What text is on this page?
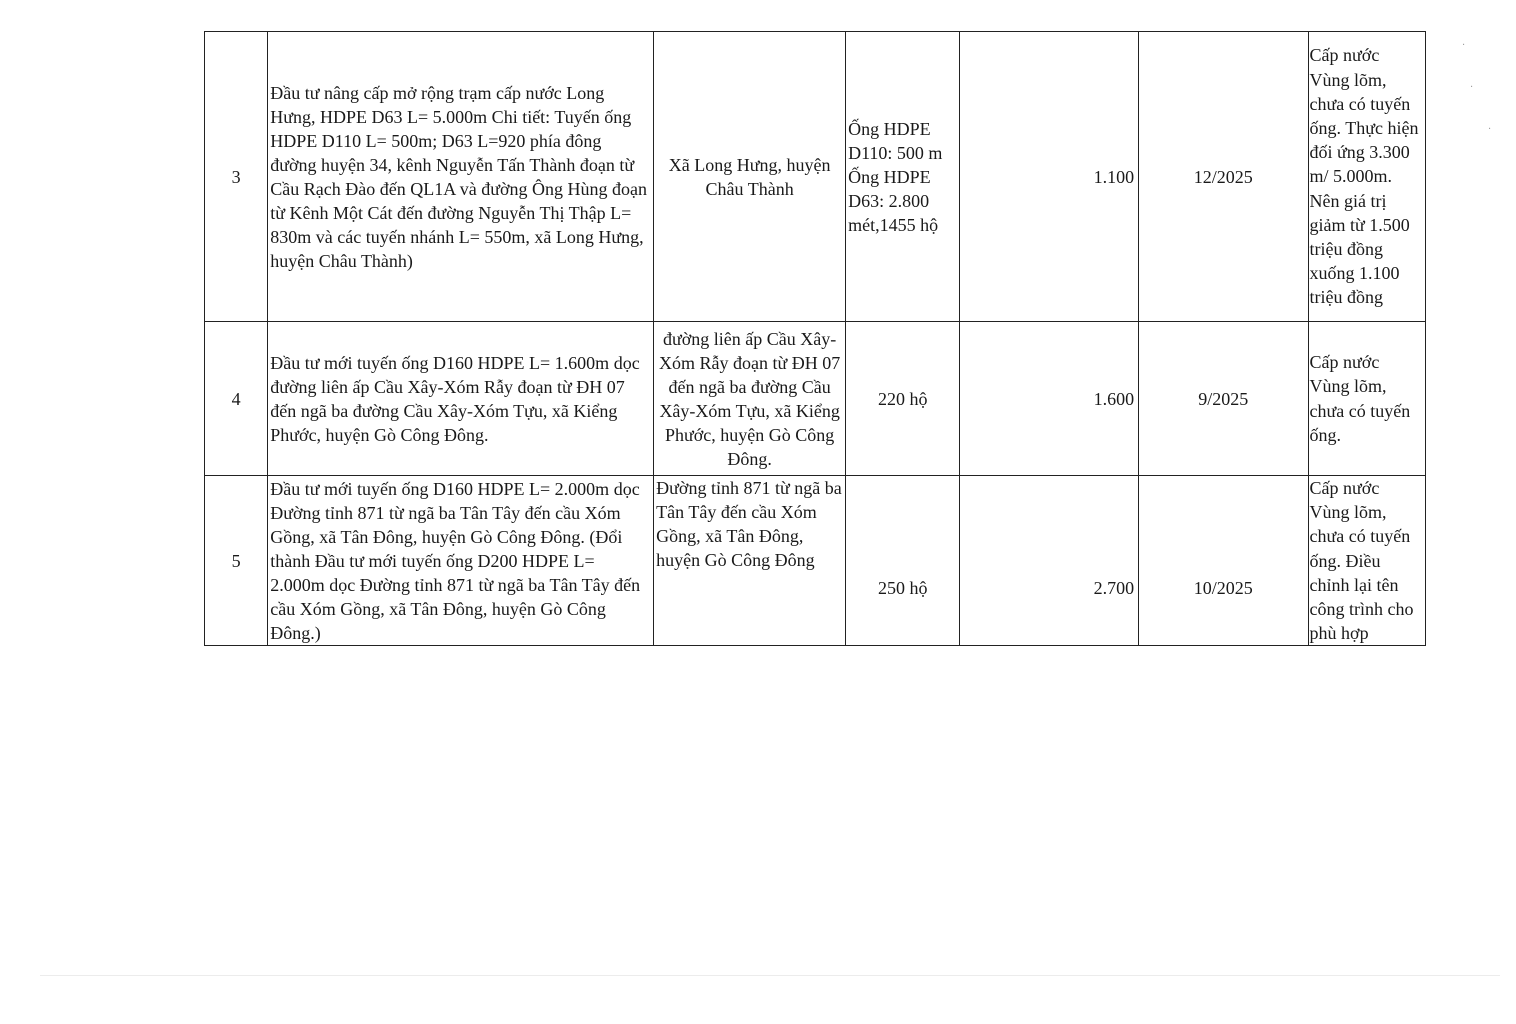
3	Đầu tư nâng cấp mở rộng trạm cấp nước Long Hưng, HDPE D63 L= 5.000m Chi tiết: Tuyến ống HDPE D110 L= 500m; D63 L=920 phía đông đường huyện 34, kênh Nguyễn Tấn Thành đoạn từ Cầu Rạch Đào đến QL1A và đường Ông Hùng đoạn từ Kênh Một Cát đến đường Nguyễn Thị Thập L= 830m và các tuyến nhánh L= 550m, xã Long Hưng, huyện Châu Thành)	Xã Long Hưng, huyện Châu Thành	Ống HDPE D110: 500 m Ống HDPE D63: 2.800 mét,1455 hộ	1.100	12/2025	Cấp nước Vùng lõm, chưa có tuyến ống. Thực hiện đối ứng 3.300 m/ 5.000m. Nên giá trị giảm từ 1.500 triệu đồng xuống 1.100 triệu đồng
4	Đầu tư mới tuyến ống D160 HDPE L= 1.600m dọc đường liên ấp Cầu Xây-Xóm Rẫy đoạn từ ĐH 07 đến ngã ba đường Cầu Xây-Xóm Tựu, xã Kiểng Phước, huyện Gò Công Đông.	đường liên ấp Cầu Xây- Xóm Rẫy đoạn từ ĐH 07 đến ngã ba đường Cầu Xây-Xóm Tựu, xã Kiểng Phước, huyện Gò Công Đông.	220 hộ	1.600	9/2025	Cấp nước Vùng lõm, chưa có tuyến ống.
5	Đầu tư mới tuyến ống D160 HDPE L= 2.000m dọc Đường tỉnh 871 từ ngã ba Tân Tây đến cầu Xóm Gồng, xã Tân Đông, huyện Gò Công Đông. (Đổi thành Đầu tư mới tuyến ống D200 HDPE L= 2.000m dọc Đường tỉnh 871 từ ngã ba Tân Tây đến cầu Xóm Gồng, xã Tân Đông, huyện Gò Công Đông.)	Đường tỉnh 871 từ ngã ba Tân Tây đến cầu Xóm Gồng, xã Tân Đông, huyện Gò Công Đông	250 hộ	2.700	10/2025	Cấp nước Vùng lõm, chưa có tuyến ống. Điều chỉnh lại tên công trình cho phù hợp
·
·
·
